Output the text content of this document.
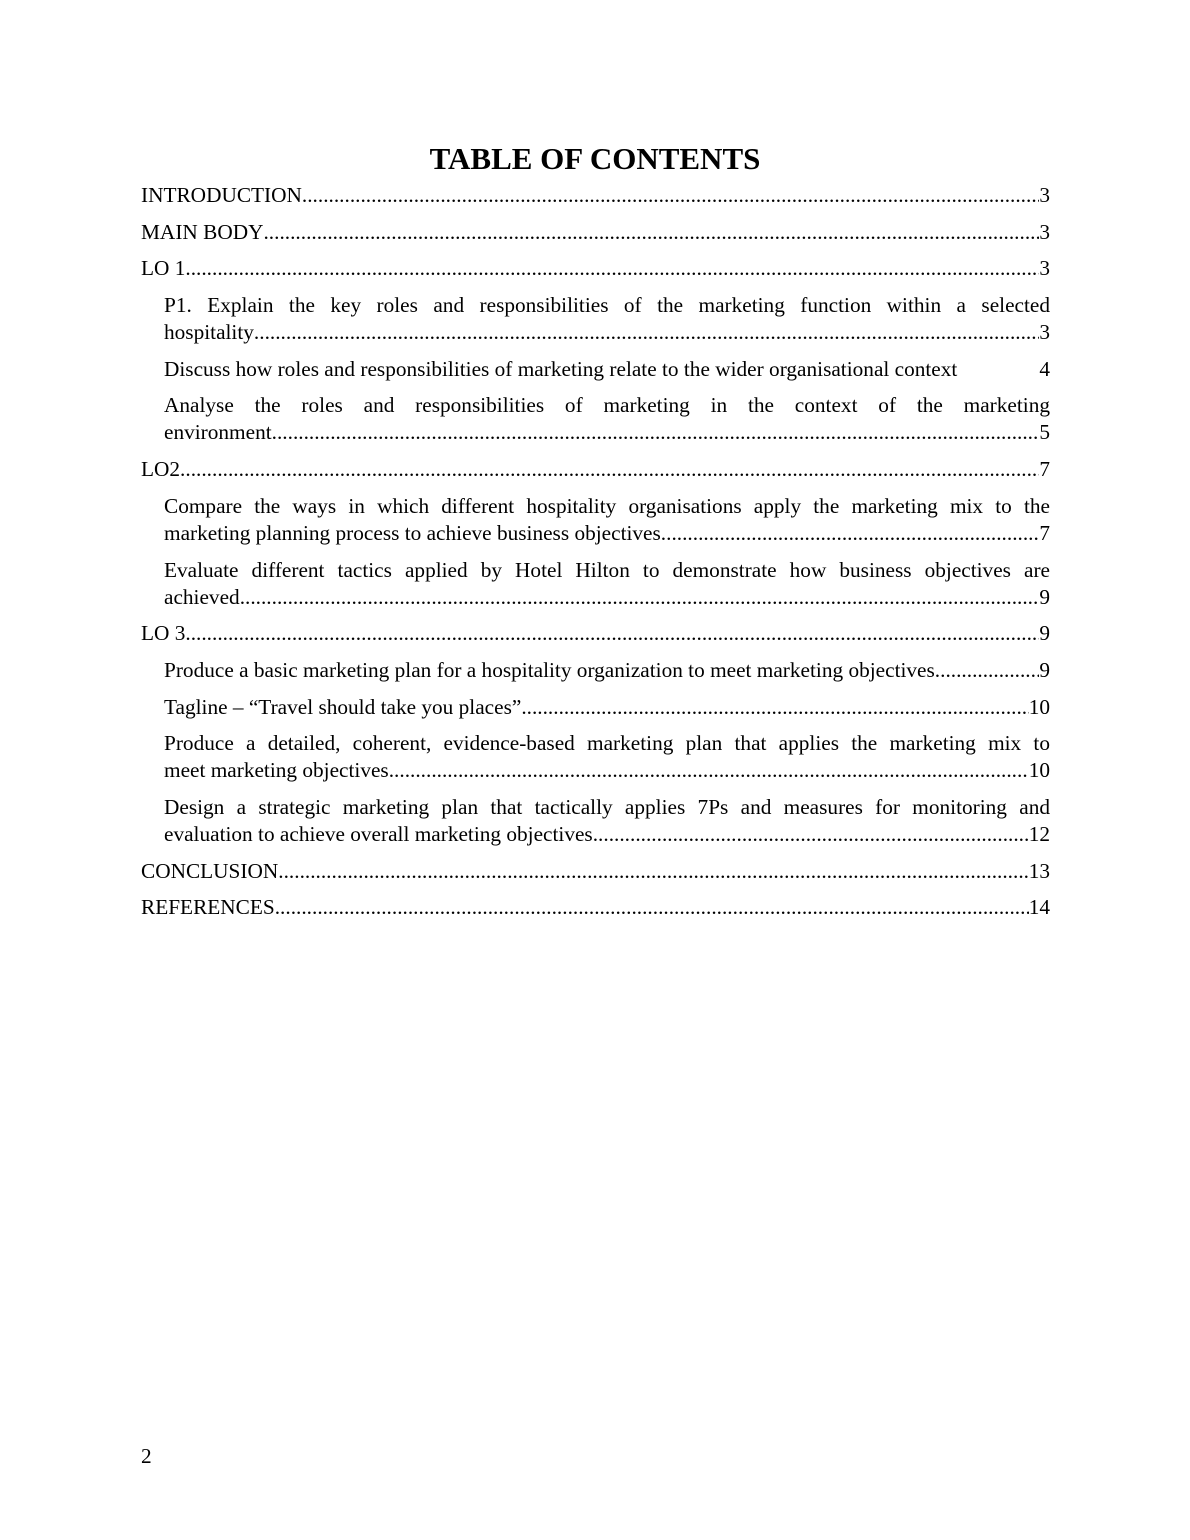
TABLE OF CONTENTS
INTRODUCTION .....	3
MAIN BODY .....	3
LO 1 .....	3
P1. Explain the key roles and responsibilities of the marketing function within a selected
hospitality .....	3
Discuss how roles and responsibilities of marketing relate to the wider organisational context	4
Analyse the roles and responsibilities of marketing in the context of the marketing
environment .....	5
LO2 .....	7
Compare the ways in which different hospitality organisations apply the marketing mix to the
marketing planning process to achieve business objectives .....	7
Evaluate different tactics applied by Hotel Hilton to demonstrate how business objectives are
achieved .....	9
LO 3 .....	9
Produce a basic marketing plan for a hospitality organization to meet marketing objectives .....	9
Tagline – “Travel should take you places” .....	10
Produce a detailed, coherent, evidence-based marketing plan that applies the marketing mix to
meet marketing objectives .....	10
Design a strategic marketing plan that tactically applies 7Ps and measures for monitoring and
evaluation to achieve overall marketing objectives .....	12
CONCLUSION .....	13
REFERENCES .....	14
2
